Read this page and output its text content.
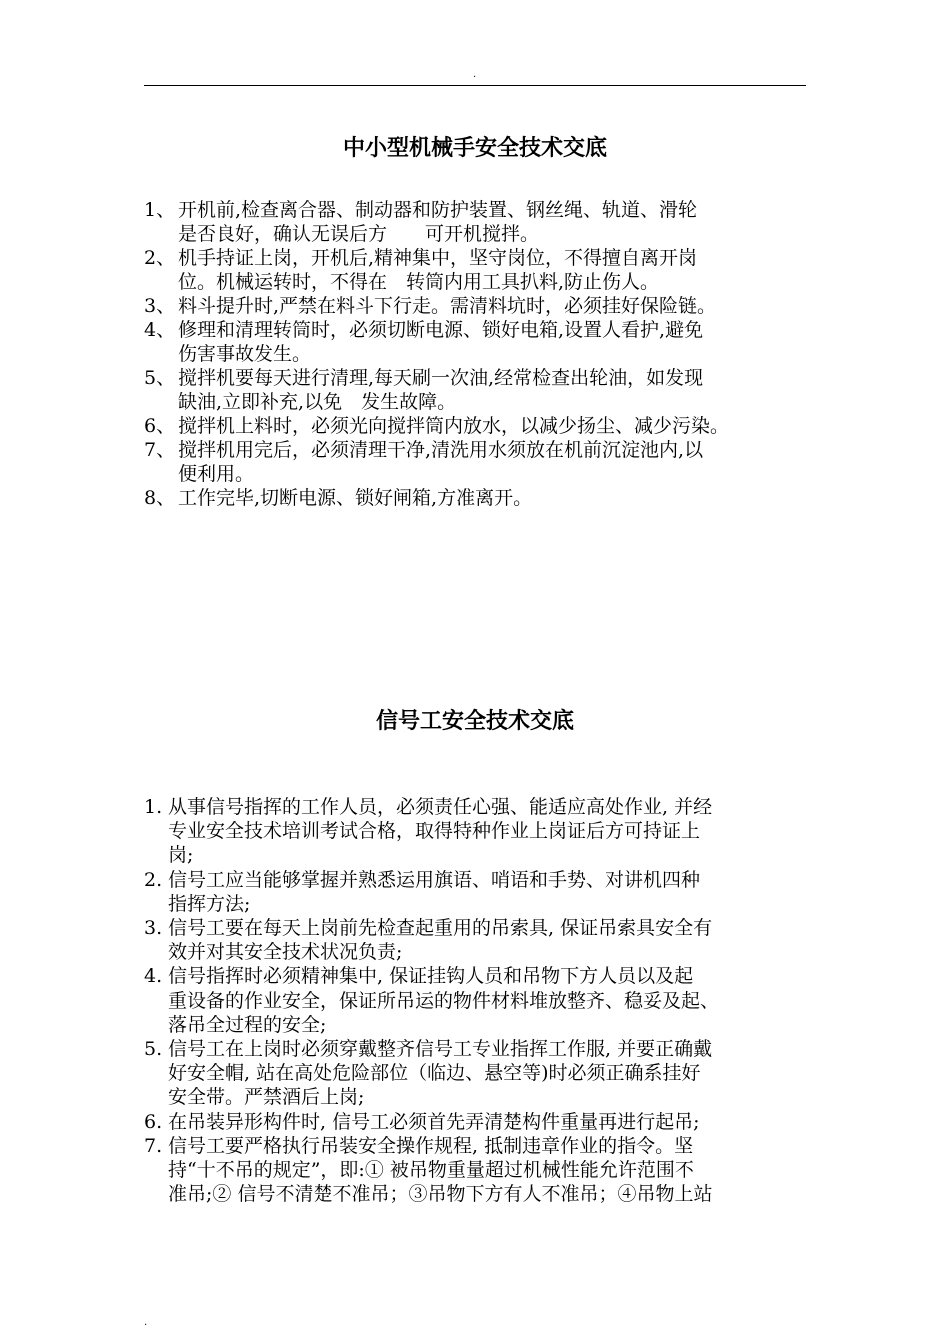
.
中小型机械手安全技术交底
1、 开机前,检查离合器、制动器和防护装置、钢丝绳、轨道、滑轮
是否良好，确认无误后方　　可开机搅拌。
2、 机手持证上岗，开机后,精神集中，坚守岗位，不得擅自离开岗
位。机械运转时，不得在　转筒内用工具扒料,防止伤人。
3、 料斗提升时,严禁在料斗下行走。需清料坑时，必须挂好保险链。
4、 修理和清理转筒时，必须切断电源、锁好电箱,设置人看护,避免
伤害事故发生。
5、 搅拌机要每天进行清理,每天刷一次油,经常检查出轮油，如发现
缺油,立即补充,以免　发生故障。
6、 搅拌机上料时，必须光向搅拌筒内放水，以减少扬尘、减少污染。
7、 搅拌机用完后，必须清理干净,清洗用水须放在机前沉淀池内,以
便利用。
8、 工作完毕,切断电源、锁好闸箱,方准离开。
信号工安全技术交底
1. 从事信号指挥的工作人员，必须责任心强、能适应高处作业, 并经
专业安全技术培训考试合格，取得特种作业上岗证后方可持证上
岗;
2. 信号工应当能够掌握并熟悉运用旗语、哨语和手势、对讲机四种
指挥方法;
3. 信号工要在每天上岗前先检查起重用的吊索具, 保证吊索具安全有
效并对其安全技术状况负责;
4. 信号指挥时必须精神集中, 保证挂钩人员和吊物下方人员以及起
重设备的作业安全，保证所吊运的物件材料堆放整齐、稳妥及起、
落吊全过程的安全;
5. 信号工在上岗时必须穿戴整齐信号工专业指挥工作服, 并要正确戴
好安全帽, 站在高处危险部位（临边、悬空等)时必须正确系挂好
安全带。严禁酒后上岗;
6. 在吊装异形构件时, 信号工必须首先弄清楚构件重量再进行起吊;
7. 信号工要严格执行吊装安全操作规程, 抵制违章作业的指令。坚
持“十不吊的规定”，即:① 被吊物重量超过机械性能允许范围不
准吊;② 信号不清楚不准吊；③吊物下方有人不准吊；④吊物上站
.
